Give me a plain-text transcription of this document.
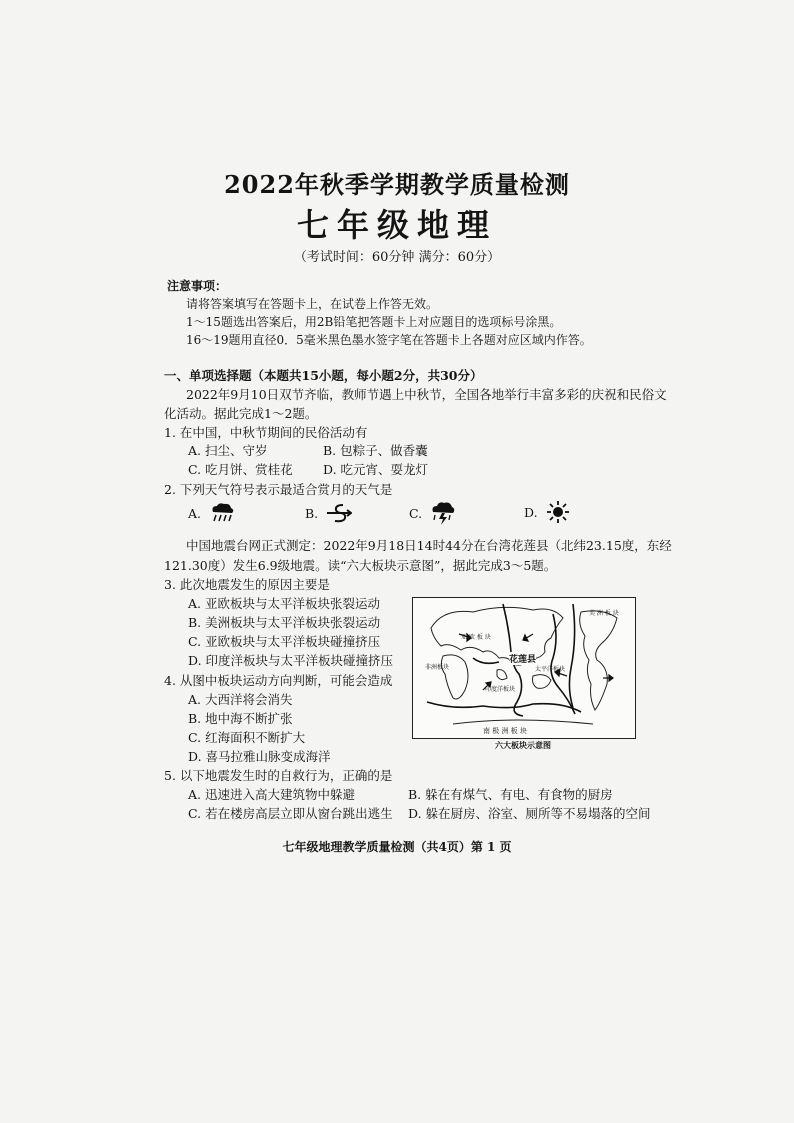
2022年秋季学期教学质量检测
七年级地理
（考试时间：60分钟 满分：60分）
注意事项：
请将答案填写在答题卡上，在试卷上作答无效。
1～15题选出答案后，用2B铅笔把答题卡上对应题目的选项标号涂黑。
16～19题用直径0．5毫米黑色墨水签字笔在答题卡上各题对应区域内作答。
一、单项选择题（本题共15小题，每小题2分，共30分）
2022年9月10日双节齐临，教师节遇上中秋节，全国各地举行丰富多彩的庆祝和民俗文
化活动。据此完成1～2题。
1. 在中国，中秋节期间的民俗活动有
A. 扫尘、守岁	B. 包粽子、做香囊
C. 吃月饼、赏桂花 D. 吃元宵、耍龙灯
2. 下列天气符号表示最适合赏月的天气是
A.	B.	C.	D.
中国地震台网正式测定：2022年9月18日14时44分在台湾花莲县（北纬23.15度，东经
121.30度）发生6.9级地震。读“六大板块示意图”，据此完成3～5题。
3. 此次地震发生的原因主要是
A. 亚欧板块与太平洋板块张裂运动
B. 美洲板块与太平洋板块张裂运动
C. 亚欧板块与太平洋板块碰撞挤压
D. 印度洋板块与太平洋板块碰撞挤压
4. 从图中板块运动方向判断，可能会造成
A. 大西洋将会消失
B. 地中海不断扩张
C. 红海面积不断扩大
D. 喜马拉雅山脉变成海洋
亚 欧 板 块
非洲板块
印度洋板块
太平洋板块
美 洲 板 块
南 极 洲 板 块
花莲县
六大板块示意图
5. 以下地震发生时的自救行为，正确的是
A. 迅速进入高大建筑物中躲避	B. 躲在有煤气、有电、有食物的厨房
C. 若在楼房高层立即从窗台跳出逃生 D. 躲在厨房、浴室、厕所等不易塌落的空间
七年级地理教学质量检测（共4页）第 1 页
